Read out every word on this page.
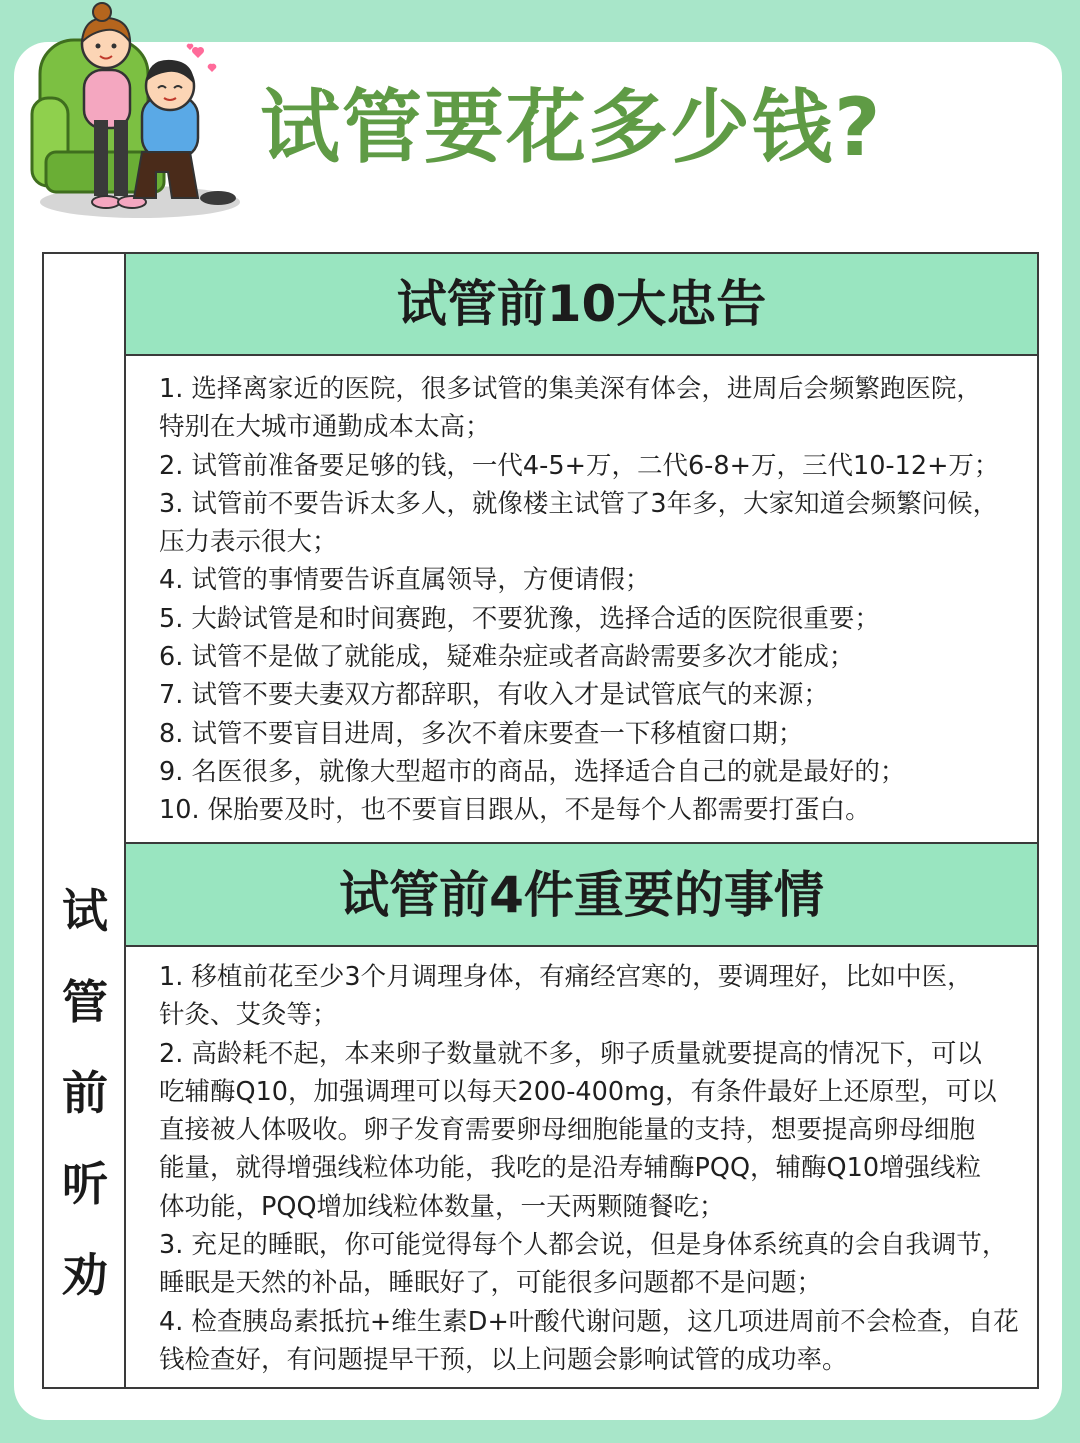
试管要花多少钱?
试
管
前
听
劝
试管前10大忠告
1. 选择离家近的医院，很多试管的集美深有体会，进周后会频繁跑医院，
特别在大城市通勤成本太高；
2. 试管前准备要足够的钱，一代4-5+万，二代6-8+万，三代10-12+万；
3. 试管前不要告诉太多人，就像楼主试管了3年多，大家知道会频繁问候，
压力表示很大；
4. 试管的事情要告诉直属领导，方便请假；
5. 大龄试管是和时间赛跑，不要犹豫，选择合适的医院很重要；
6. 试管不是做了就能成，疑难杂症或者高龄需要多次才能成；
7. 试管不要夫妻双方都辞职，有收入才是试管底气的来源；
8. 试管不要盲目进周，多次不着床要查一下移植窗口期；
9. 名医很多，就像大型超市的商品，选择适合自己的就是最好的；
10. 保胎要及时，也不要盲目跟从，不是每个人都需要打蛋白。
试管前4件重要的事情
1. 移植前花至少3个月调理身体，有痛经宫寒的，要调理好，比如中医，
针灸、艾灸等；
2. 高龄耗不起，本来卵子数量就不多，卵子质量就要提高的情况下，可以
吃辅酶Q10，加强调理可以每天200-400mg，有条件最好上还原型，可以
直接被人体吸收。卵子发育需要卵母细胞能量的支持，想要提高卵母细胞
能量，就得增强线粒体功能，我吃的是沿寿辅酶PQQ，辅酶Q10增强线粒
体功能，PQQ增加线粒体数量，一天两颗随餐吃；
3. 充足的睡眠，你可能觉得每个人都会说，但是身体系统真的会自我调节，
睡眠是天然的补品，睡眠好了，可能很多问题都不是问题；
4. 检查胰岛素抵抗+维生素D+叶酸代谢问题，这几项进周前不会检查，自花
钱检查好，有问题提早干预，以上问题会影响试管的成功率。
